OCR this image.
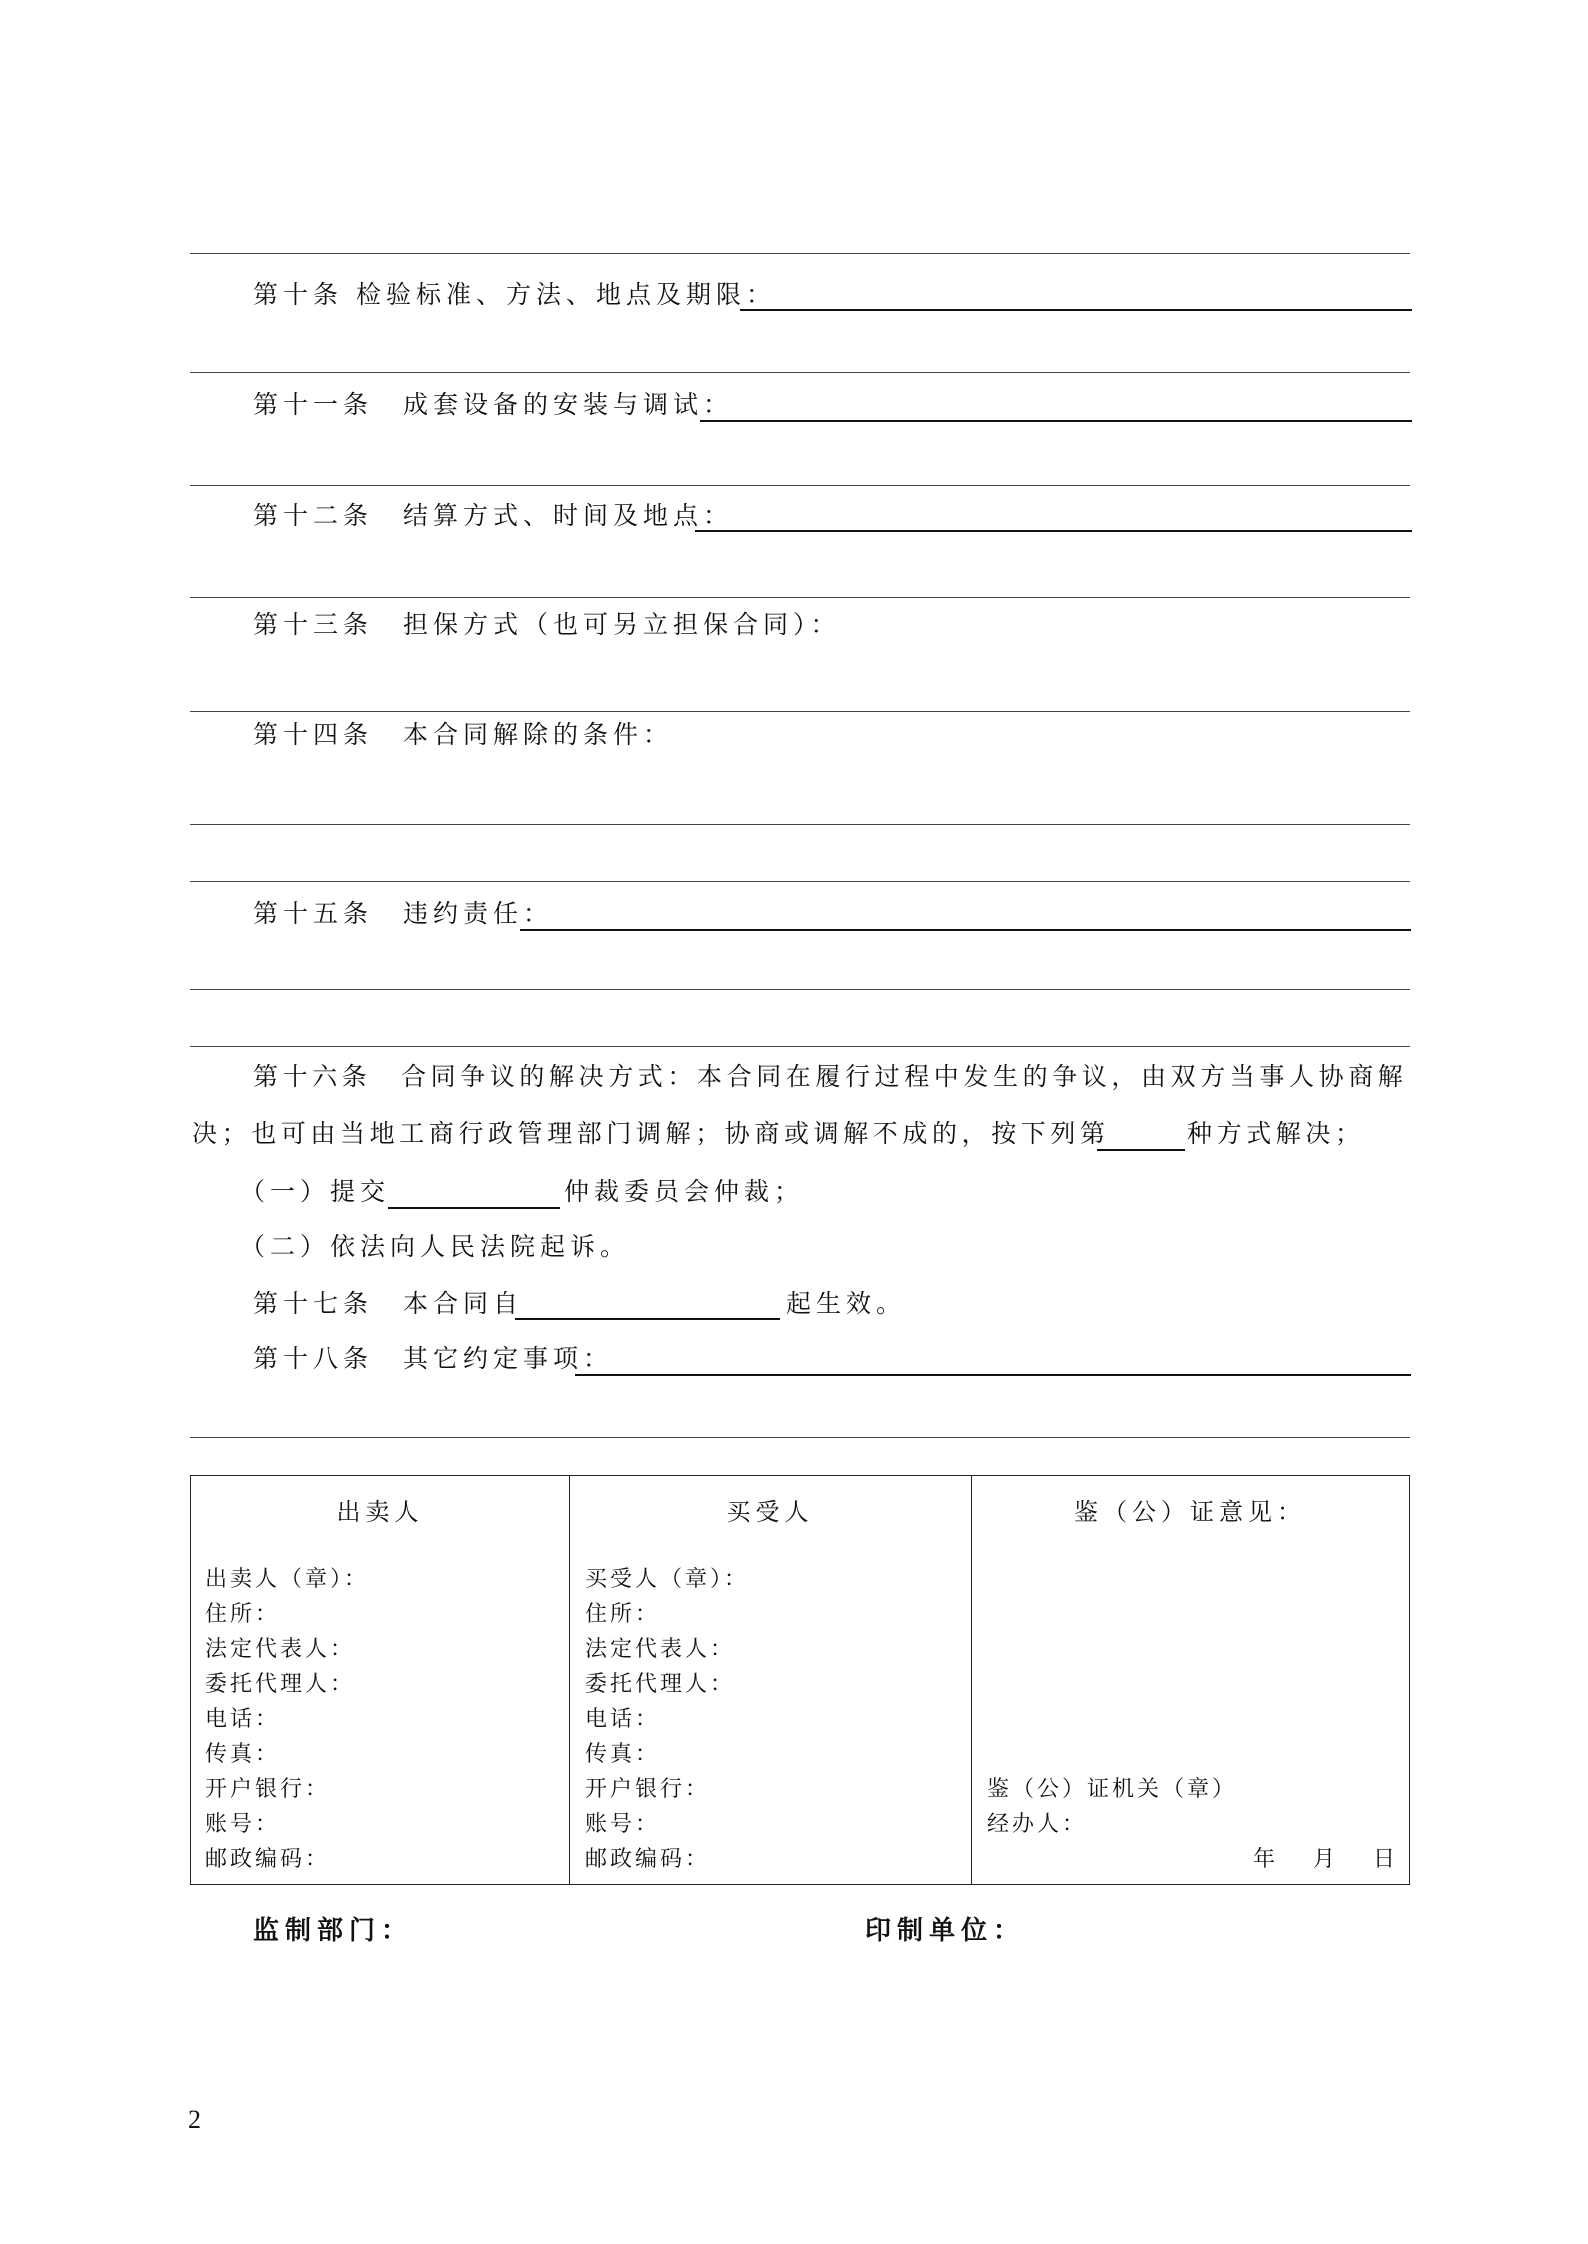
第十条 检验标准、方法、地点及期限：
第十一条　成套设备的安装与调试：
第十二条　结算方式、时间及地点：
第十三条　担保方式（也可另立担保合同）：
第十四条　本合同解除的条件：
第十五条　违约责任：
第十六条　合同争议的解决方式：本合同在履行过程中发生的争议，由双方当事人协商解
决；也可由当地工商行政管理部门调解；协商或调解不成的，按下列第	种方式解决；
（一）提交	仲裁委员会仲裁；
（二）依法向人民法院起诉。
第十七条　本合同自	起生效。
第十八条　其它约定事项：
出卖人	买受人	鉴（公）证意见：
出卖人（章）：
住所：
法定代表人：
委托代理人：
电话：
传真：
开户银行：
账号：
邮政编码：
买受人（章）：
住所：
法定代表人：
委托代理人：
电话：
传真：
开户银行：
账号：
邮政编码：
鉴（公）证机关（章）
经办人：
年　月　日
监制部门：	印制单位：
2
